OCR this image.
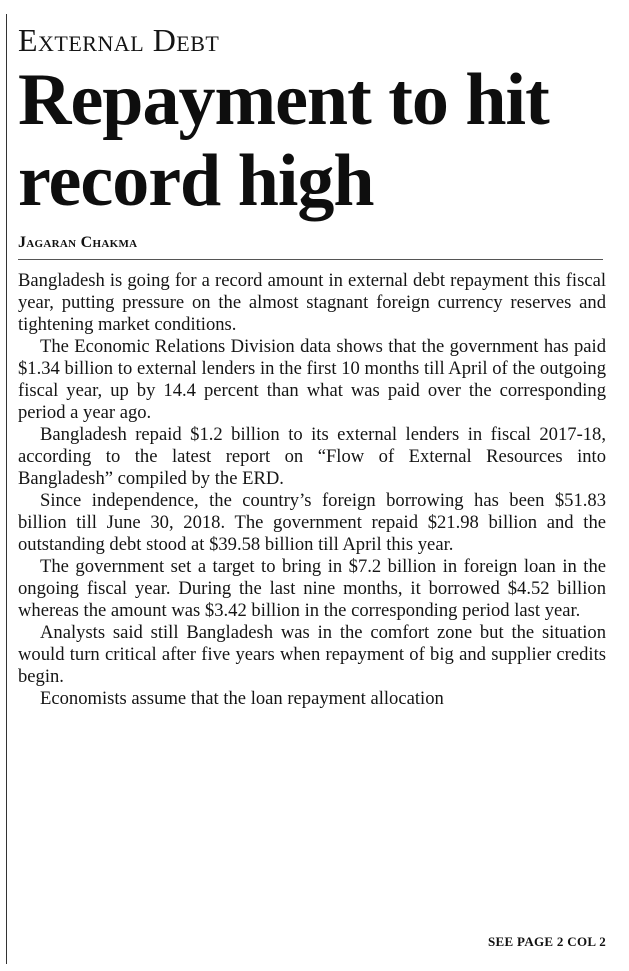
External Debt
Repayment to hit record high
Jagaran Chakma

Bangladesh is going for a record amount in external debt repayment this fiscal year, putting pressure on the almost stagnant foreign currency reserves and tightening market conditions.

The Economic Relations Division data shows that the government has paid $1.34 billion to external lenders in the first 10 months till April of the outgoing fiscal year, up by 14.4 percent than what was paid over the corresponding period a year ago.

Bangladesh repaid $1.2 billion to its external lenders in fiscal 2017-18, according to the latest report on “Flow of External Resources into Bangladesh” compiled by the ERD.

Since independence, the country’s foreign borrowing has been $51.83 billion till June 30, 2018. The government repaid $21.98 billion and the outstanding debt stood at $39.58 billion till April this year.

The government set a target to bring in $7.2 billion in foreign loan in the ongoing fiscal year. During the last nine months, it borrowed $4.52 billion whereas the amount was $3.42 billion in the corresponding period last year.

Analysts said still Bangladesh was in the comfort zone but the situation would turn critical after five years when repayment of big and supplier credits begin.

Economists assume that the loan repayment allocation

SEE PAGE 2 COL 2
